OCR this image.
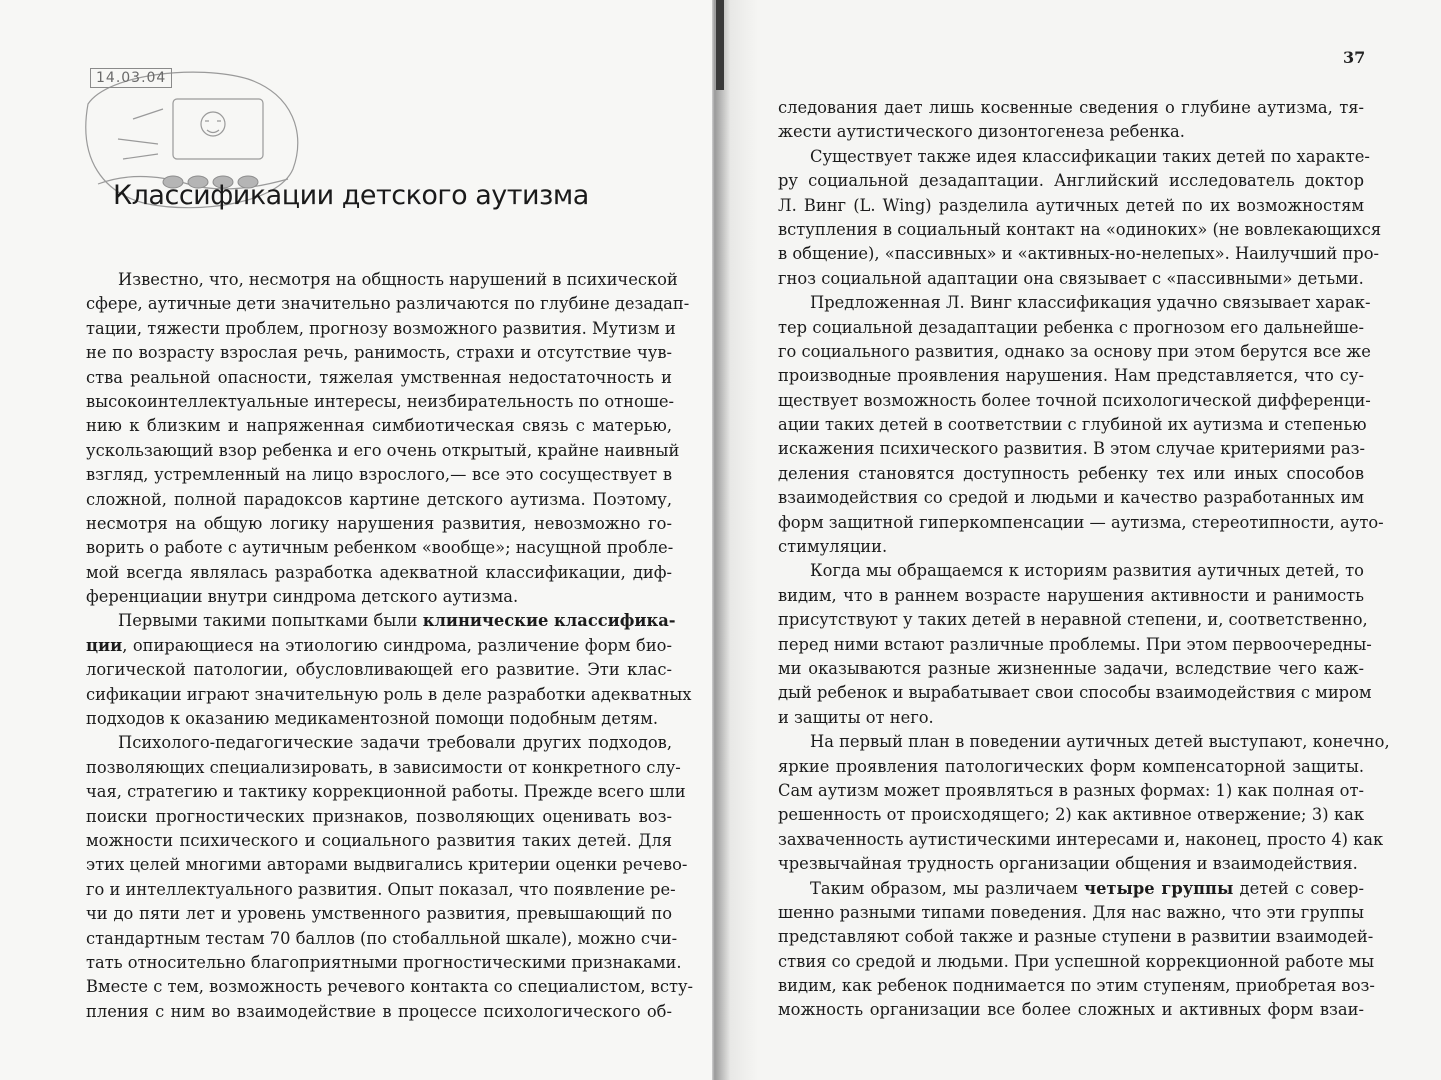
14.03.04
Классификации детского аутизма
Известно, что, несмотря на общность нарушений в психической
сфере, аутичные дети значительно различаются по глубине дезадап-
тации, тяжести проблем, прогнозу возможного развития. Мутизм и
не по возрасту взрослая речь, ранимость, страхи и отсутствие чув-
ства реальной опасности, тяжелая умственная недостаточность и
высокоинтеллектуальные интересы, неизбирательность по отноше-
нию к близким и напряженная симбиотическая связь с матерью,
ускользающий взор ребенка и его очень открытый, крайне наивный
взгляд, устремленный на лицо взрослого,— все это сосуществует в
сложной, полной парадоксов картине детского аутизма. Поэтому,
несмотря на общую логику нарушения развития, невозможно го-
ворить о работе с аутичным ребенком «вообще»; насущной пробле-
мой всегда являлась разработка адекватной классификации, диф-
ференциации внутри синдрома детского аутизма.
Первыми такими попытками были клинические классифика-
ции, опирающиеся на этиологию синдрома, различение форм био-
логической патологии, обусловливающей его развитие. Эти клас-
сификации играют значительную роль в деле разработки адекватных
подходов к оказанию медикаментозной помощи подобным детям.
Психолого-педагогические задачи требовали других подходов,
позволяющих специализировать, в зависимости от конкретного слу-
чая, стратегию и тактику коррекционной работы. Прежде всего шли
поиски прогностических признаков, позволяющих оценивать воз-
можности психического и социального развития таких детей. Для
этих целей многими авторами выдвигались критерии оценки речево-
го и интеллектуального развития. Опыт показал, что появление ре-
чи до пяти лет и уровень умственного развития, превышающий по
стандартным тестам 70 баллов (по стобалльной шкале), можно счи-
тать относительно благоприятными прогностическими признаками.
Вместе с тем, возможность речевого контакта со специалистом, всту-
пления с ним во взаимодействие в процессе психологического об-
37
следования дает лишь косвенные сведения о глубине аутизма, тя-
жести аутистического дизонтогенеза ребенка.
Существует также идея классификации таких детей по характе-
ру социальной дезадаптации. Английский исследователь доктор
Л. Винг (L. Wing) разделила аутичных детей по их возможностям
вступления в социальный контакт на «одиноких» (не вовлекающихся
в общение), «пассивных» и «активных-но-нелепых». Наилучший про-
гноз социальной адаптации она связывает с «пассивными» детьми.
Предложенная Л. Винг классификация удачно связывает харак-
тер социальной дезадаптации ребенка с прогнозом его дальнейше-
го социального развития, однако за основу при этом берутся все же
производные проявления нарушения. Нам представляется, что су-
ществует возможность более точной психологической дифференци-
ации таких детей в соответствии с глубиной их аутизма и степенью
искажения психического развития. В этом случае критериями раз-
деления становятся доступность ребенку тех или иных способов
взаимодействия со средой и людьми и качество разработанных им
форм защитной гиперкомпенсации — аутизма, стереотипности, ауто-
стимуляции.
Когда мы обращаемся к историям развития аутичных детей, то
видим, что в раннем возрасте нарушения активности и ранимость
присутствуют у таких детей в неравной степени, и, соответственно,
перед ними встают различные проблемы. При этом первоочередны-
ми оказываются разные жизненные задачи, вследствие чего каж-
дый ребенок и вырабатывает свои способы взаимодействия с миром
и защиты от него.
На первый план в поведении аутичных детей выступают, конечно,
яркие проявления патологических форм компенсаторной защиты.
Сам аутизм может проявляться в разных формах: 1) как полная от-
решенность от происходящего; 2) как активное отвержение; 3) как
захваченность аутистическими интересами и, наконец, просто 4) как
чрезвычайная трудность организации общения и взаимодействия.
Таким образом, мы различаем четыре группы детей с совер-
шенно разными типами поведения. Для нас важно, что эти группы
представляют собой также и разные ступени в развитии взаимодей-
ствия со средой и людьми. При успешной коррекционной работе мы
видим, как ребенок поднимается по этим ступеням, приобретая воз-
можность организации все более сложных и активных форм взаи-
